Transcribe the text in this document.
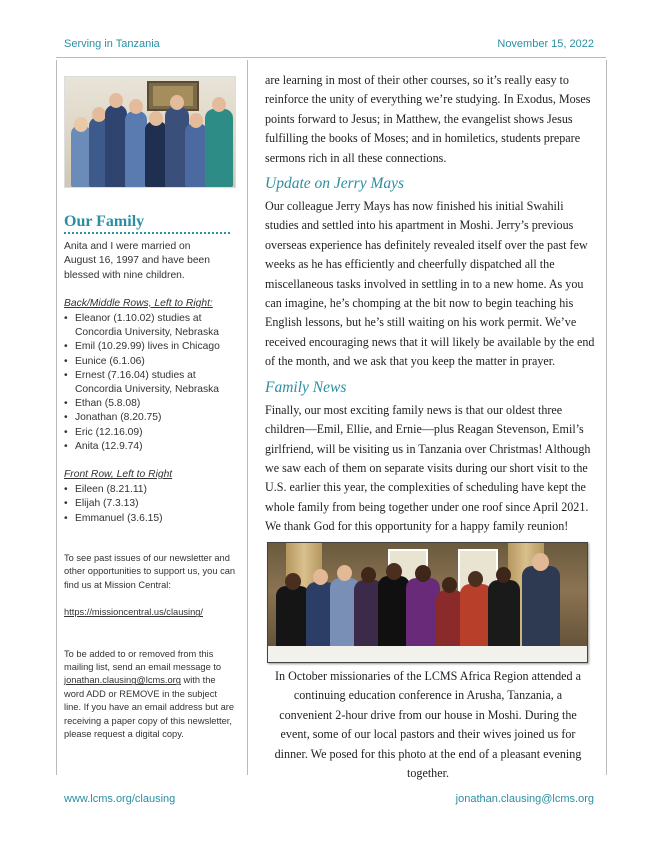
Serving in Tanzania	November 15, 2022
Our Family
Anita and I were married on August 16, 1997 and have been blessed with nine children.
Back/Middle Rows, Left to Right:
• Eleanor (1.10.02) studies at Concordia University, Nebraska
• Emil (10.29.99) lives in Chicago
• Eunice (6.1.06)
• Ernest (7.16.04) studies at Concordia University, Nebraska
• Ethan (5.8.08)
• Jonathan (8.20.75)
• Eric (12.16.09)
• Anita (12.9.74)
Front Row, Left to Right
• Eileen (8.21.11)
• Elijah (7.3.13)
• Emmanuel (3.6.15)
To see past issues of our newsletter and other opportunities to support us, you can find us at Mission Central:
https://missioncentral.us/clausing/
To be added to or removed from this mailing list, send an email message to jonathan.clausing@lcms.org with the word ADD or REMOVE in the subject line. If you have an email address but are receiving a paper copy of this newsletter, please request a digital copy.

are learning in most of their other courses, so it’s really easy to reinforce the unity of everything we’re studying. In Exodus, Moses points forward to Jesus; in Matthew, the evangelist shows Jesus fulfilling the books of Moses; and in homiletics, students prepare sermons rich in all these connections.

Update on Jerry Mays

Our colleague Jerry Mays has now finished his initial Swahili studies and settled into his apartment in Moshi. Jerry’s previous overseas experience has definitely revealed itself over the past few weeks as he has efficiently and cheerfully dispatched all the miscellaneous tasks involved in settling in to a new home. As you can imagine, he’s chomping at the bit now to begin teaching his English lessons, but he’s still waiting on his work permit. We’ve received encouraging news that it will likely be available by the end of the month, and we ask that you keep the matter in prayer.

Family News

Finally, our most exciting family news is that our oldest three children—Emil, Ellie, and Ernie—plus Reagan Stevenson, Emil’s girlfriend, will be visiting us in Tanzania over Christmas! Although we saw each of them on separate visits during our short visit to the U.S. earlier this year, the complexities of scheduling have kept the whole family from being together under one roof since April 2021. We thank God for this opportunity for a happy family reunion!

In October missionaries of the LCMS Africa Region attended a continuing education conference in Arusha, Tanzania, a convenient 2-hour drive from our house in Moshi. During the event, some of our local pastors and their wives joined us for dinner. We posed for this photo at the end of a pleasant evening together.
www.lcms.org/clausing	jonathan.clausing@lcms.org
